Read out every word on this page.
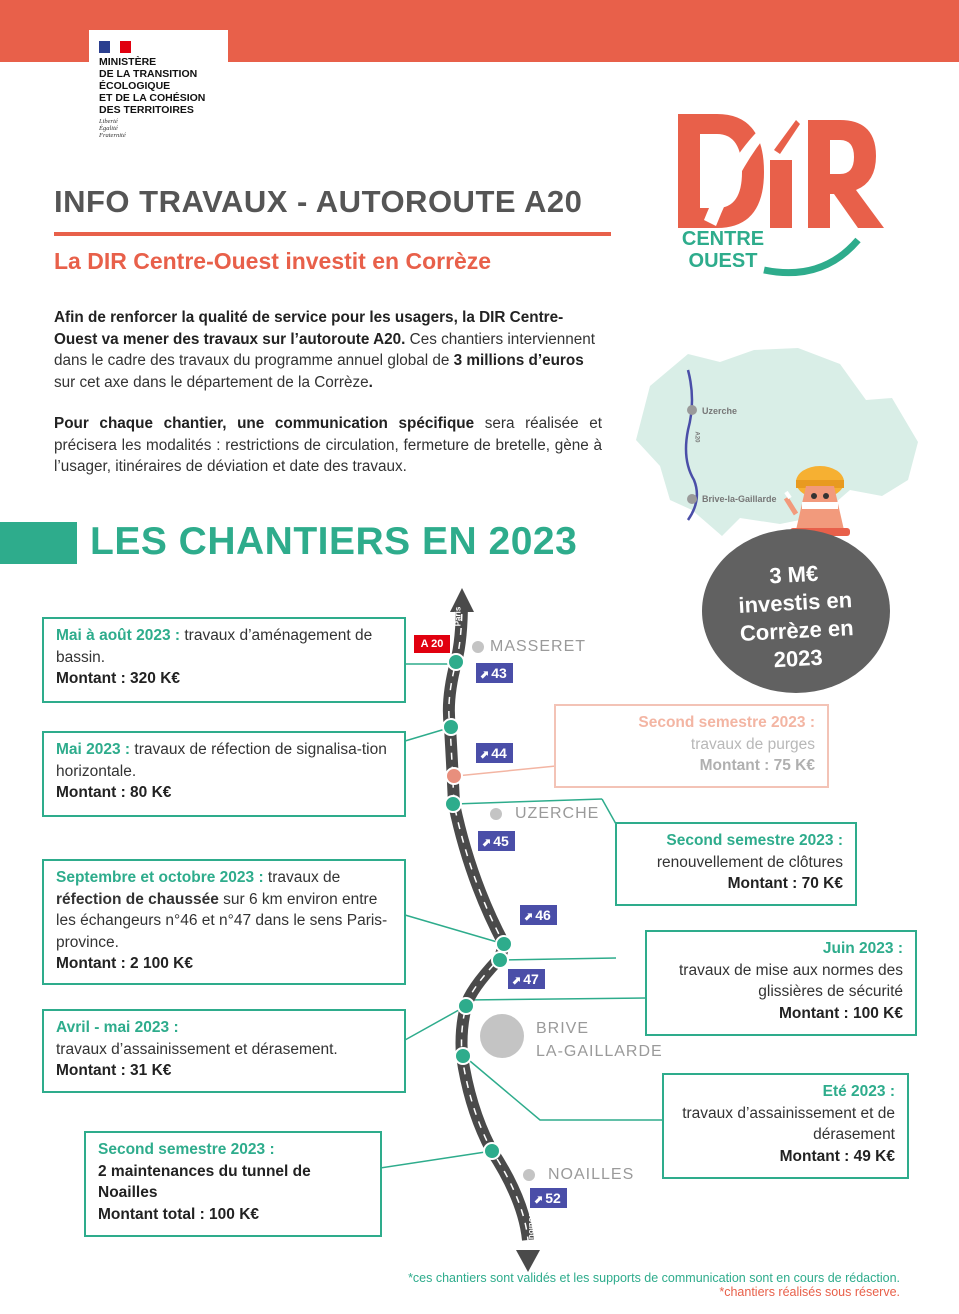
MINISTÈRE
DE LA TRANSITION
ÉCOLOGIQUE
ET DE LA COHÉSION
DES TERRITOIRES
Liberté
Égalité
Fraternité
CENTRE
OUEST
INFO TRAVAUX - AUTOROUTE A20
La DIR Centre-Ouest investit en Corrèze

Afin de renforcer la qualité de service pour les usagers, la DIR Centre-Ouest va mener des travaux sur l’autoroute A20. Ces chantiers interviennent dans le cadre des travaux du programme annuel global de 3 millions d’euros sur cet axe dans le département de la Corrèze.

Pour chaque chantier, une communication spécifique sera réalisée et précisera les modalités : restrictions de circulation, fermeture de bretelle, gène à l’usager, itinéraires de déviation et date des travaux.

Uzerche
Brive-la-Gaillarde
A20
LES CHANTIERS EN 2023
3 M€
investis en
Corrèze en
2023
A 20
Paris
Toulouse
MASSERET
UZERCHE
BRIVE
LA-GAILLARDE
NOAILLES
⬈ 43
⬈ 44
⬈ 45
⬈ 46
⬈ 47
⬈ 52
Mai à août 2023 : travaux d’aménagement de bassin.
Montant : 320 K€
Mai 2023 : travaux de réfection de signalisa-tion horizontale.
Montant : 80 K€
Septembre et octobre 2023 : travaux de réfection de chaussée sur 6 km environ entre les échangeurs n°46 et n°47 dans le sens Paris-province.
Montant : 2 100 K€
Avril - mai 2023 :
travaux d’assainissement et dérasement.
Montant : 31 K€
Second semestre 2023 :
2 maintenances du tunnel de Noailles
Montant total : 100 K€
Second semestre 2023 :
travaux de purges
Montant : 75 K€
Second semestre 2023 :
renouvellement de clôtures
Montant : 70 K€
Juin 2023 :
travaux de mise aux normes des glissières de sécurité
Montant : 100 K€
Eté 2023 :
travaux d’assainissement et de dérasement
Montant : 49 K€
*ces chantiers sont validés et les supports de communication sont en cours de rédaction.
*chantiers réalisés sous réserve.
